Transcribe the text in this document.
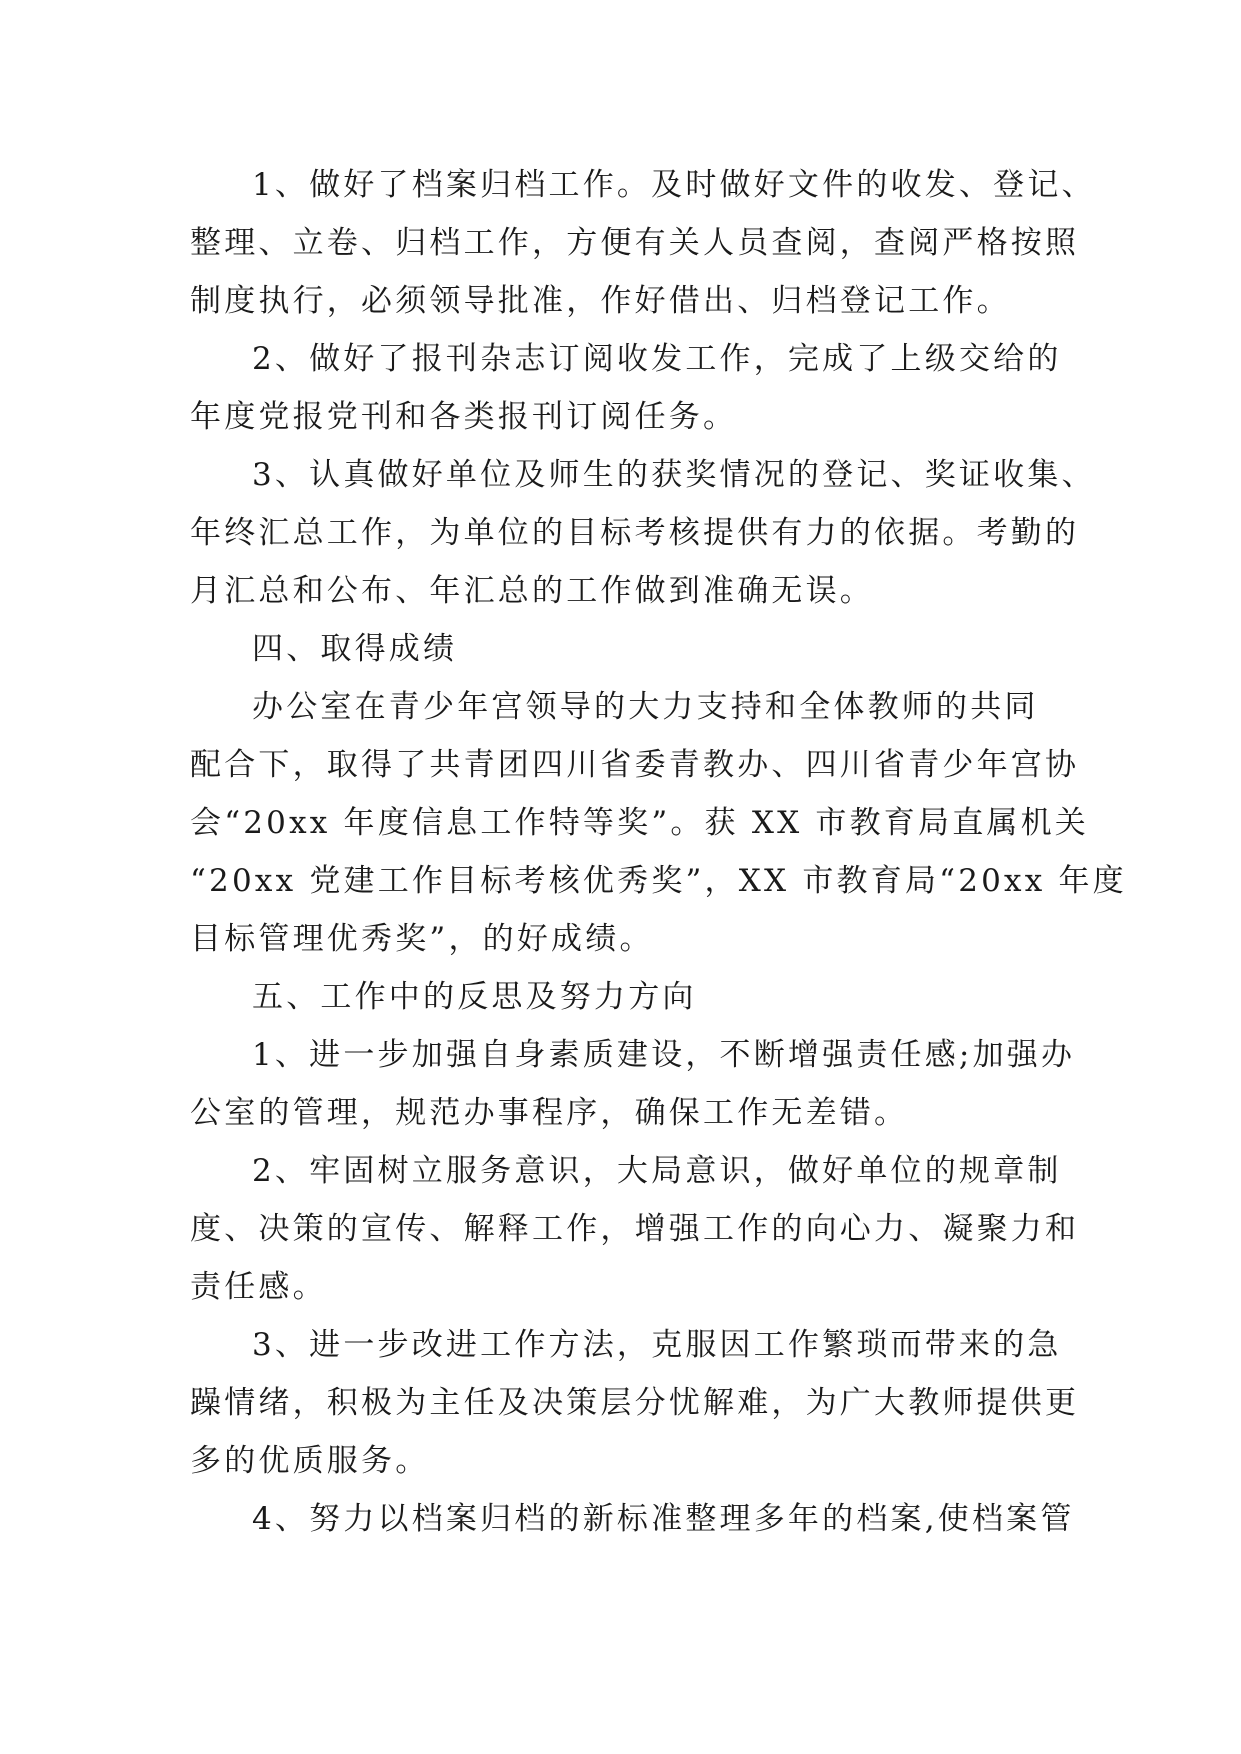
1、做好了档案归档工作。及时做好文件的收发、登记、
整理、立卷、归档工作，方便有关人员查阅，查阅严格按照
制度执行，必须领导批准，作好借出、归档登记工作。
2、做好了报刊杂志订阅收发工作，完成了上级交给的
年度党报党刊和各类报刊订阅任务。
3、认真做好单位及师生的获奖情况的登记、奖证收集、
年终汇总工作，为单位的目标考核提供有力的依据。考勤的
月汇总和公布、年汇总的工作做到准确无误。
四、取得成绩
办公室在青少年宫领导的大力支持和全体教师的共同
配合下，取得了共青团四川省委青教办、四川省青少年宫协
会“20xx 年度信息工作特等奖”。获 XX 市教育局直属机关
“20xx 党建工作目标考核优秀奖”，XX 市教育局“20xx 年度
目标管理优秀奖”，的好成绩。
五、工作中的反思及努力方向
1、进一步加强自身素质建设，不断增强责任感;加强办
公室的管理，规范办事程序，确保工作无差错。
2、牢固树立服务意识，大局意识，做好单位的规章制
度、决策的宣传、解释工作，增强工作的向心力、凝聚力和
责任感。
3、进一步改进工作方法，克服因工作繁琐而带来的急
躁情绪，积极为主任及决策层分忧解难，为广大教师提供更
多的优质服务。
4、努力以档案归档的新标准整理多年的档案,使档案管
